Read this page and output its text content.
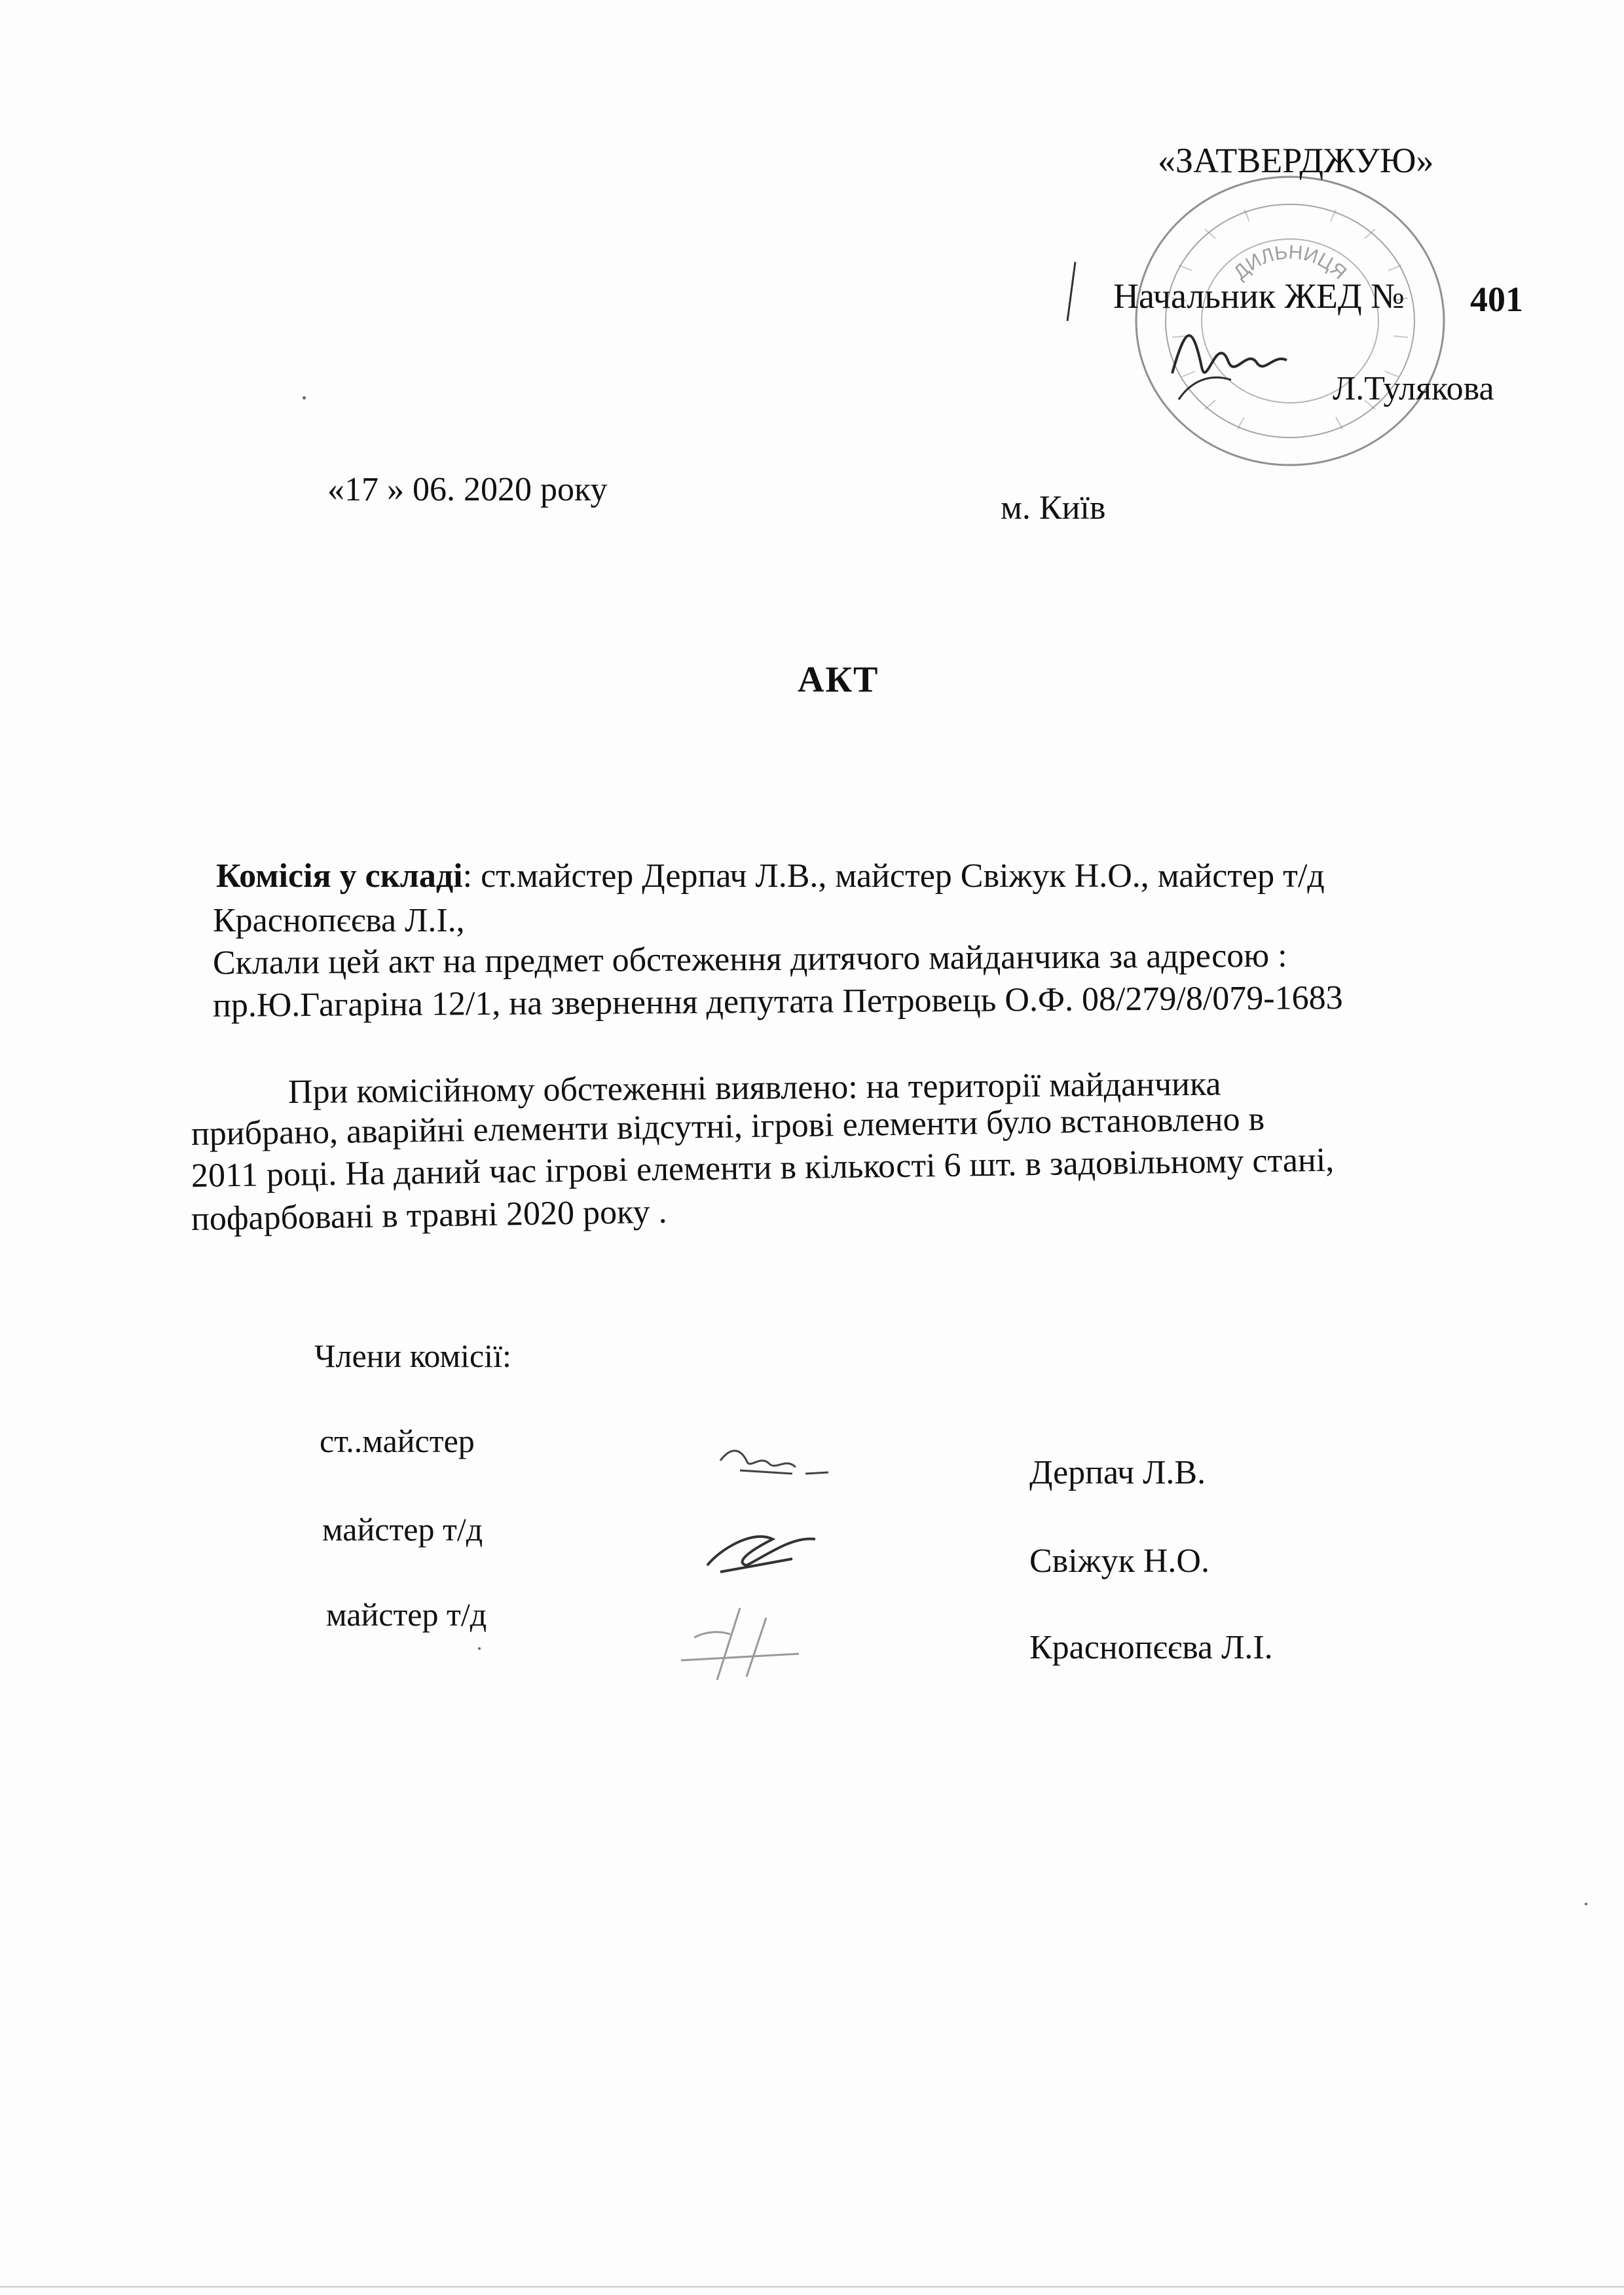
ДИЛЬНИЦЯ
«ЗАТВЕРДЖУЮ»
Начальник ЖЕД № 401
Л.Тулякова
«17 » 06. 2020 року	м. Київ
АКТ
Комісія у складі: ст.майстер Дерпач Л.В., майстер Свіжук Н.О., майстер т/д
Краснопєєва Л.І.,
Склали цей акт на предмет обстеження дитячого майданчика за адресою :
пр.Ю.Гагаріна 12/1, на звернення депутата Петровець О.Ф. 08/279/8/079-1683
При комісійному обстеженні виявлено: на території майданчика
прибрано, аварійні елементи відсутні, ігрові елементи було встановлено в
2011 році. На даний час ігрові елементи в кількості 6 шт. в задовільному стані,
пофарбовані в травні 2020 року .
Члени комісії:
ст..майстер
майстер т/д
майстер т/д
Дерпач Л.В.
Свіжук Н.О.
Краснопєєва Л.І.
